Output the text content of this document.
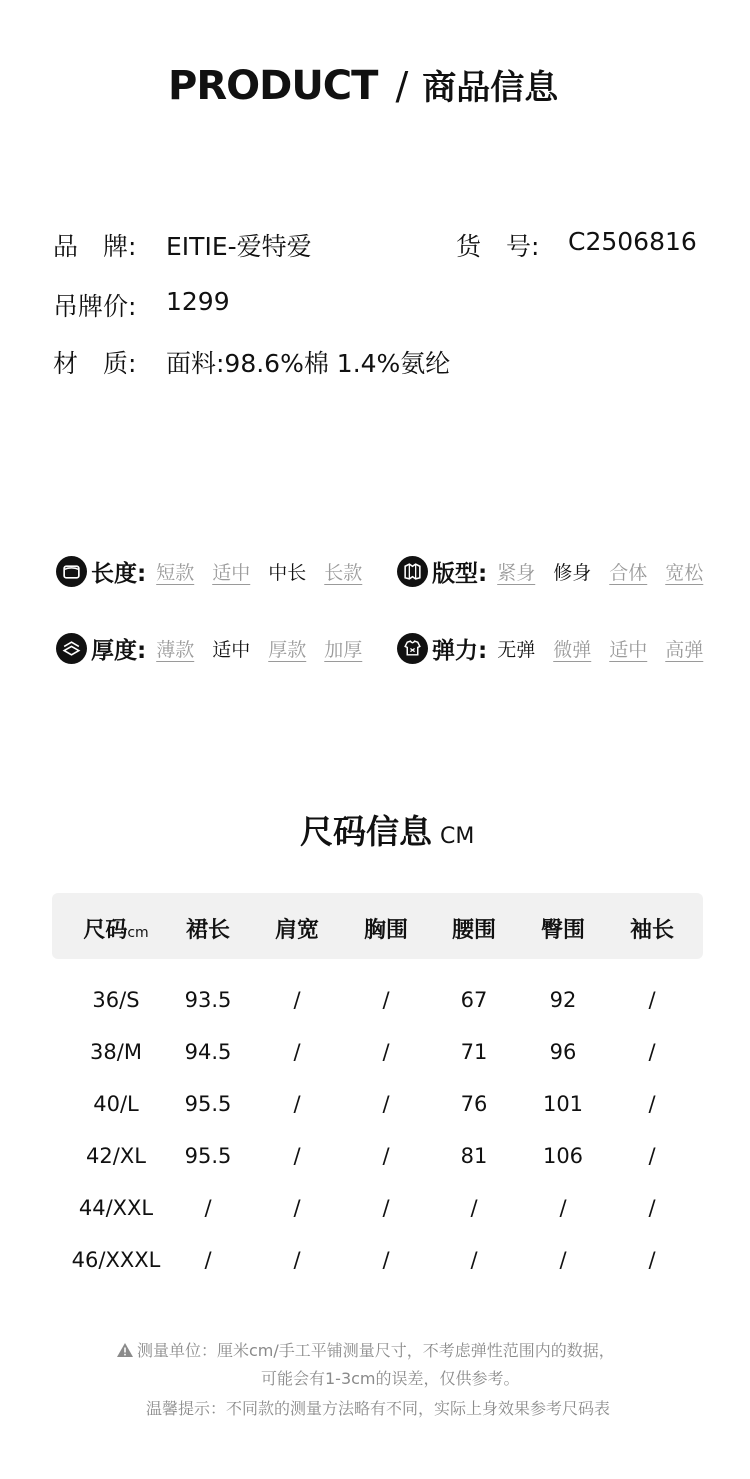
PRODUCT / 商品信息
品　牌:	EITIE-爱特爱	货　号:	C2506816
吊牌价:	1299
材　质:	面料:98.6%棉 1.4%氨纶
长度: 短款 适中 中长 长款	版型: 紧身 修身 合体 宽松
厚度: 薄款 适中 厚款 加厚	弹力: 无弹 微弹 适中 高弹
尺码信息 CM
尺码cm	裙长	肩宽	胸围	腰围	臀围	袖长
36/S	93.5	/	/	67	92	/
38/M	94.5	/	/	71	96	/
40/L	95.5	/	/	76	101	/
42/XL	95.5	/	/	81	106	/
44/XXL	/	/	/	/	/	/
46/XXXL	/	/	/	/	/	/
测量单位：厘米cm/手工平铺测量尺寸，不考虑弹性范围内的数据，
可能会有1-3cm的误差，仅供参考。
温馨提示：不同款的测量方法略有不同，实际上身效果参考尺码表
